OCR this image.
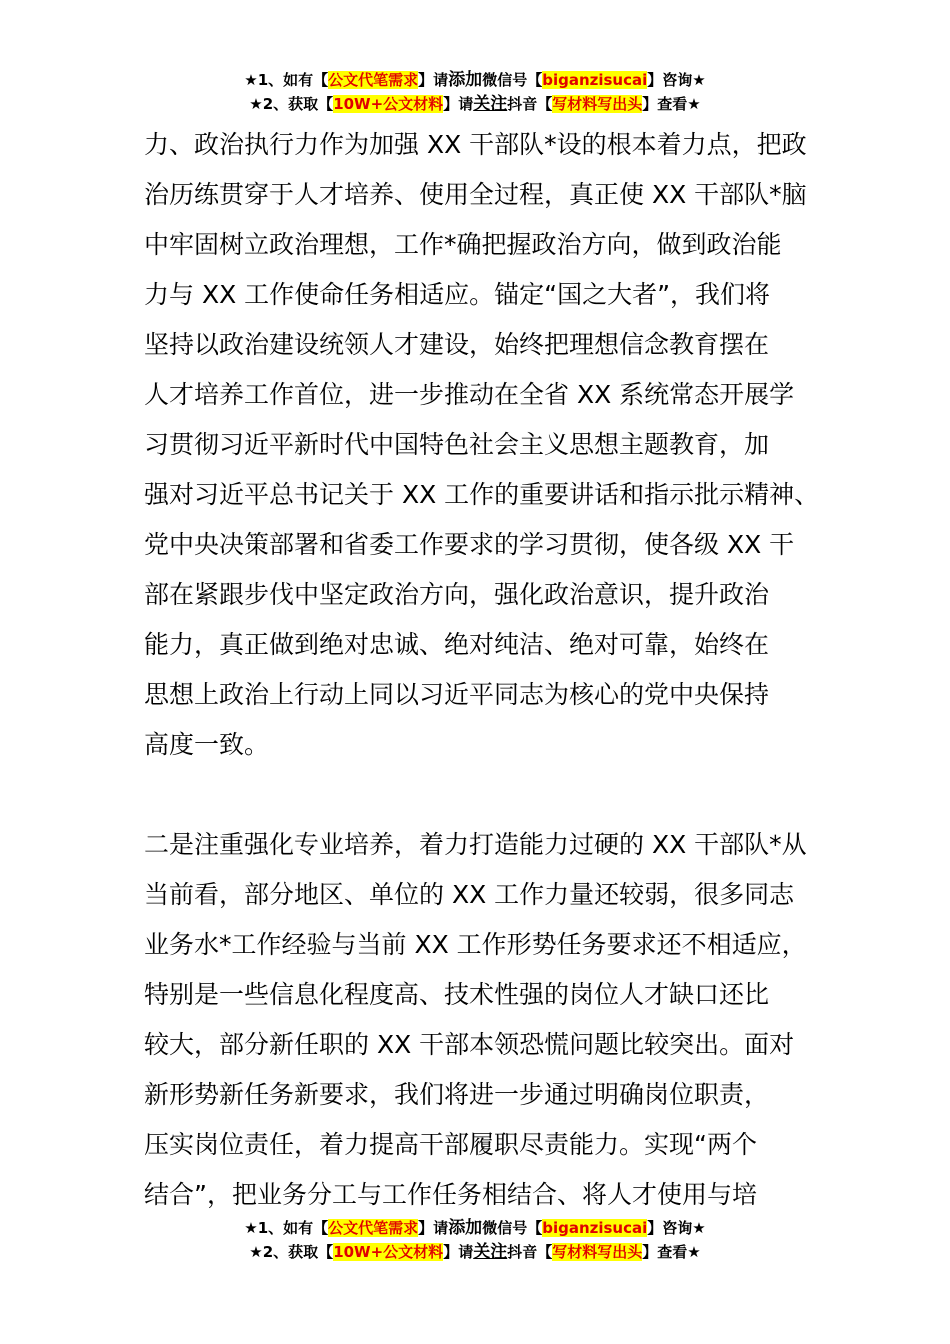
★1、如有【公文代笔需求】请添加微信号【biganzisucai】咨询★
★2、获取【10W+公文材料】请关注抖音【写材料写出头】查看★

力、政治执行力作为加强 XX 干部队*设的根本着力点，把政
治历练贯穿于人才培养、使用全过程，真正使 XX 干部队*脑
中牢固树立政治理想，工作*确把握政治方向，做到政治能
力与 XX 工作使命任务相适应。锚定“国之大者”，我们将
坚持以政治建设统领人才建设，始终把理想信念教育摆在
人才培养工作首位，进一步推动在全省 XX 系统常态开展学
习贯彻习近平新时代中国特色社会主义思想主题教育，加
强对习近平总书记关于 XX 工作的重要讲话和指示批示精神、
党中央决策部署和省委工作要求的学习贯彻，使各级 XX 干
部在紧跟步伐中坚定政治方向，强化政治意识，提升政治
能力，真正做到绝对忠诚、绝对纯洁、绝对可靠，始终在
思想上政治上行动上同以习近平同志为核心的党中央保持
高度一致。

二是注重强化专业培养，着力打造能力过硬的 XX 干部队*从
当前看，部分地区、单位的 XX 工作力量还较弱，很多同志
业务水*工作经验与当前 XX 工作形势任务要求还不相适应，
特别是一些信息化程度高、技术性强的岗位人才缺口还比
较大，部分新任职的 XX 干部本领恐慌问题比较突出。面对
新形势新任务新要求，我们将进一步通过明确岗位职责，
压实岗位责任，着力提高干部履职尽责能力。实现“两个
结合”，把业务分工与工作任务相结合、将人才使用与培

★1、如有【公文代笔需求】请添加微信号【biganzisucai】咨询★
★2、获取【10W+公文材料】请关注抖音【写材料写出头】查看★
